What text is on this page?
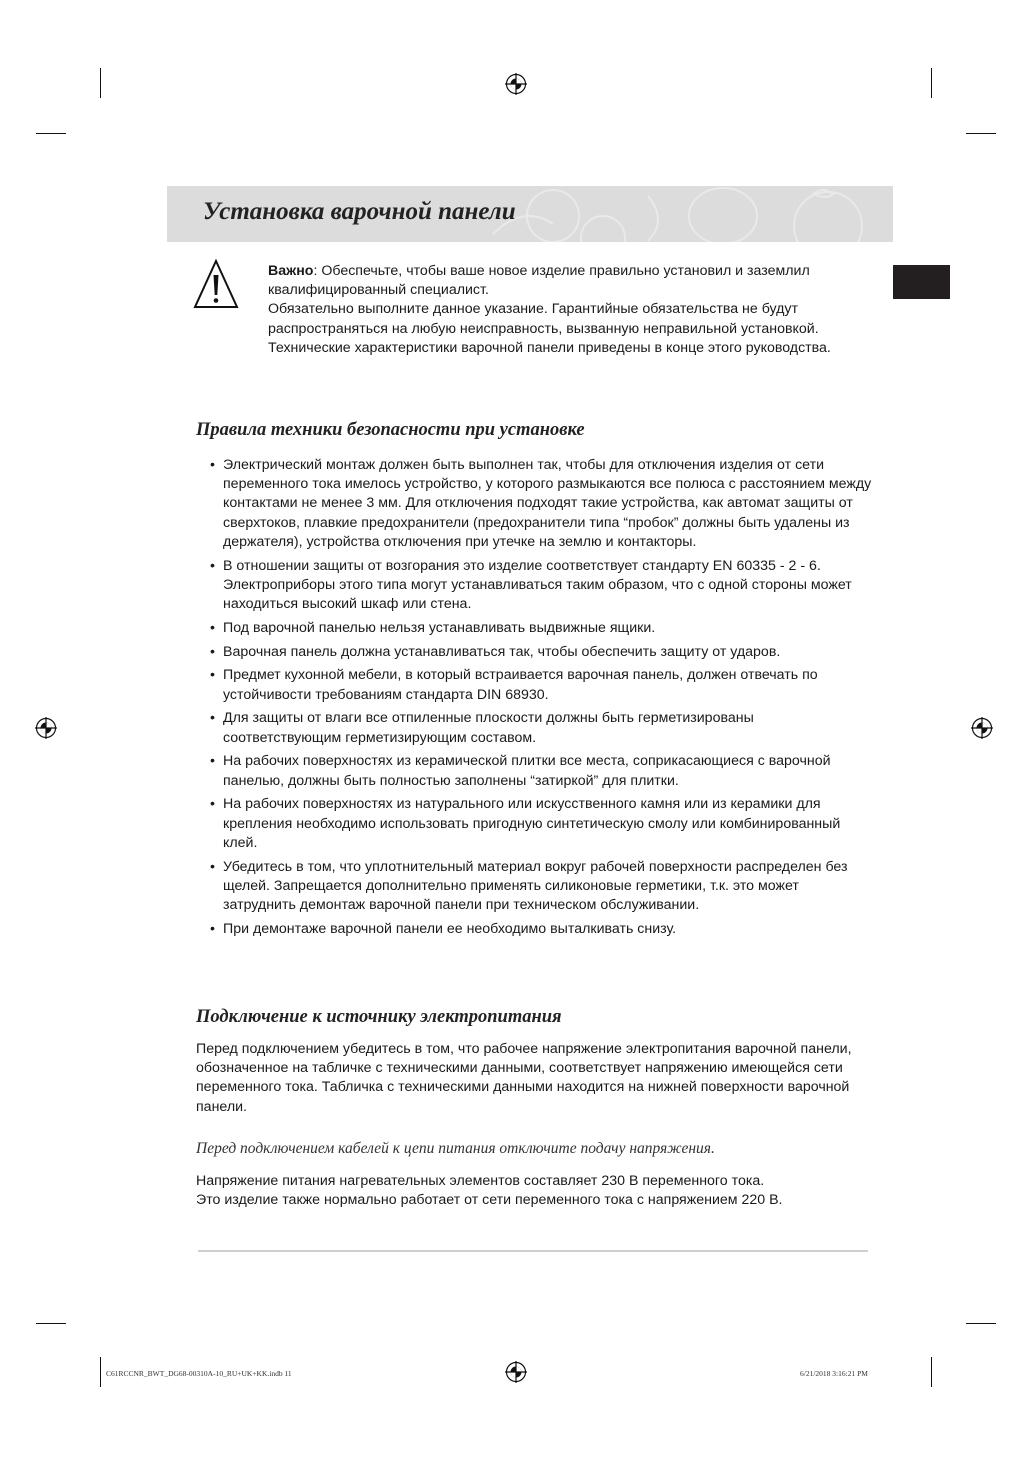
Установка варочной панели

Важно: Обеспечьте, чтобы ваше новое изделие правильно установил и заземлил квалифицированный специалист.

Обязательно выполните данное указание. Гарантийные обязательства не будут распространяться на любую неисправность, вызванную неправильной установкой.

Технические характеристики варочной панели приведены в конце этого руководства.

Правила техники безопасности при установке
• Электрический монтаж должен быть выполнен так, чтобы для отключения изделия от сети переменного тока имелось устройство, у которого размыкаются все полюса с расстоянием между контактами не менее 3 мм. Для отключения подходят такие устройства, как автомат защиты от сверхтоков, плавкие предохранители (предохранители типа “пробок” должны быть удалены из держателя), устройства отключения при утечке на землю и контакторы.
• В отношении защиты от возгорания это изделие соответствует стандарту EN 60335 - 2 - 6. Электроприборы этого типа могут устанавливаться таким образом, что с одной стороны может находиться высокий шкаф или стена.
• Под варочной панелью нельзя устанавливать выдвижные ящики.
• Варочная панель должна устанавливаться так, чтобы обеспечить защиту от ударов.
• Предмет кухонной мебели, в который встраивается варочная панель, должен отвечать по устойчивости требованиям стандарта DIN 68930.
• Для защиты от влаги все отпиленные плоскости должны быть герметизированы соответствующим герметизирующим составом.
• На рабочих поверхностях из керамической плитки все места, соприкасающиеся с варочной панелью, должны быть полностью заполнены “затиркой” для плитки.
• На рабочих поверхностях из натурального или искусственного камня или из керамики для крепления необходимо использовать пригодную синтетическую смолу или комбинированный клей.
• Убедитесь в том, что уплотнительный материал вокруг рабочей поверхности распределен без щелей. Запрещается дополнительно применять силиконовые герметики, т.к. это может затруднить демонтаж варочной панели при техническом обслуживании.
• При демонтаже варочной панели ее необходимо выталкивать снизу.
Подключение к источнику электропитания
Перед подключением убедитесь в том, что рабочее напряжение электропитания варочной панели, обозначенное на табличке с техническими данными, соответствует напряжению имеющейся сети переменного тока. Табличка с техническими данными находится на нижней поверхности варочной панели.
Перед подключением кабелей к цепи питания отключите подачу напряжения.
Напряжение питания нагревательных элементов составляет 230 В переменного тока.
Это изделие также нормально работает от сети переменного тока с напряжением 220 В.
C61RCCNR_BWT_DG68-00310A-10_RU+UK+KK.indb 11	6/21/2018 3:16:21 PM
